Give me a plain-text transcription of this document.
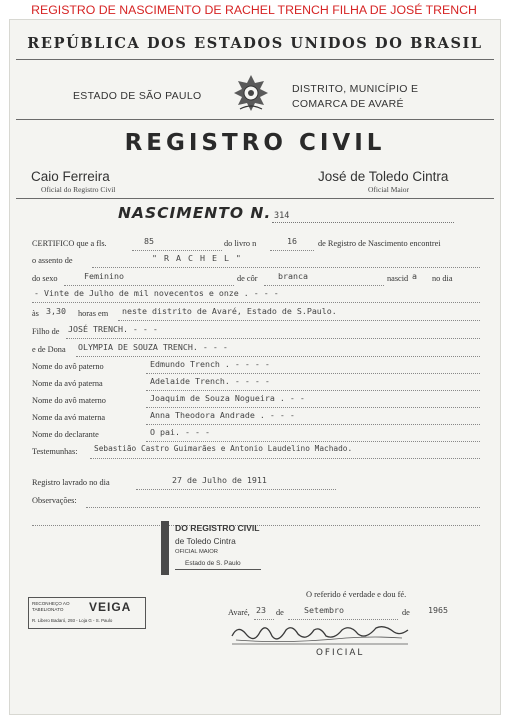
REGISTRO DE NASCIMENTO DE RACHEL TRENCH FILHA DE JOSÉ TRENCH
REPÚBLICA DOS ESTADOS UNIDOS DO BRASIL
ESTADO DE SÃO PAULO
DISTRITO, MUNICÍPIO E COMARCA DE AVARÉ
REGISTRO CIVIL
Caio Ferreira
Oficial do Registro Civil
José de Toledo Cintra
Oficial Maior
NASCIMENTO N. 314
CERTIFICO que a fls.	85	do livro n	16	de Registro de Nascimento encontrei
o assento de	" R A C H E L "
do sexo	Feminino	de côr branca	nascid a no dia
- Vinte de Julho de mil novecentos e onze . - - -
às 3,30 horas em neste distrito de Avaré, Estado de S.Paulo.
Filho de JOSÉ TRENCH. - - -
e de Dona OLYMPIA DE SOUZA TRENCH. - - -
Nome do avô paterno	Edmundo Trench . - - - -
Nome da avó paterna	Adelaide Trench. - - - -
Nome do avô materno	Joaquim de Souza Nogueira . - -
Nome da avó materna	Anna Theodora Andrade . - - -
Nome do declarante	O pai. - - -
Testemunhas: Sebastião Castro Guimarães e Antonio Laudelino Machado.
Registro lavrado no dia	27 de Julho de 1911
Observações:
DO REGISTRO CIVIL
de Toledo Cintra
OFICIAL MAIOR
Estado de S. Paulo
RECONHEÇO AO TABELIONATO	VEIGA
R. Libero Badaró, 293 - Loja G - S. Paulo
O referido é verdade e dou fé.
Avaré, 23 de Setembro	de 1965
OFICIAL
